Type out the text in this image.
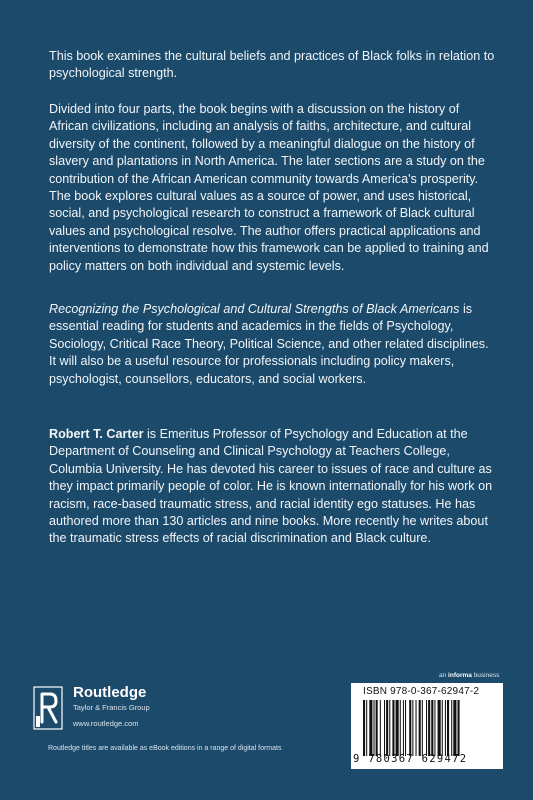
This book examines the cultural beliefs and practices of Black folks in relation to psychological strength.
Divided into four parts, the book begins with a discussion on the history of African civilizations, including an analysis of faiths, architecture, and cultural diversity of the continent, followed by a meaningful dialogue on the history of slavery and plantations in North America. The later sections are a study on the contribution of the African American community towards America's prosperity. The book explores cultural values as a source of power, and uses historical, social, and psychological research to construct a framework of Black cultural values and psychological resolve. The author offers practical applications and interventions to demonstrate how this framework can be applied to training and policy matters on both individual and systemic levels.
Recognizing the Psychological and Cultural Strengths of Black Americans is essential reading for students and academics in the fields of Psychology, Sociology, Critical Race Theory, Political Science, and other related disciplines. It will also be a useful resource for professionals including policy makers, psychologist, counsellors, educators, and social workers.
Robert T. Carter is Emeritus Professor of Psychology and Education at the Department of Counseling and Clinical Psychology at Teachers College, Columbia University. He has devoted his career to issues of race and culture as they impact primarily people of color. He is known internationally for his work on racism, race-based traumatic stress, and racial identity ego statuses. He has authored more than 130 articles and nine books. More recently he writes about the traumatic stress effects of racial discrimination and Black culture.
an informa business
Routledge
Taylor & Francis Group
www.routledge.com
Routledge titles are available as eBook editions in a range of digital formats
ISBN 978-0-367-62947-2
9 780367 629472
